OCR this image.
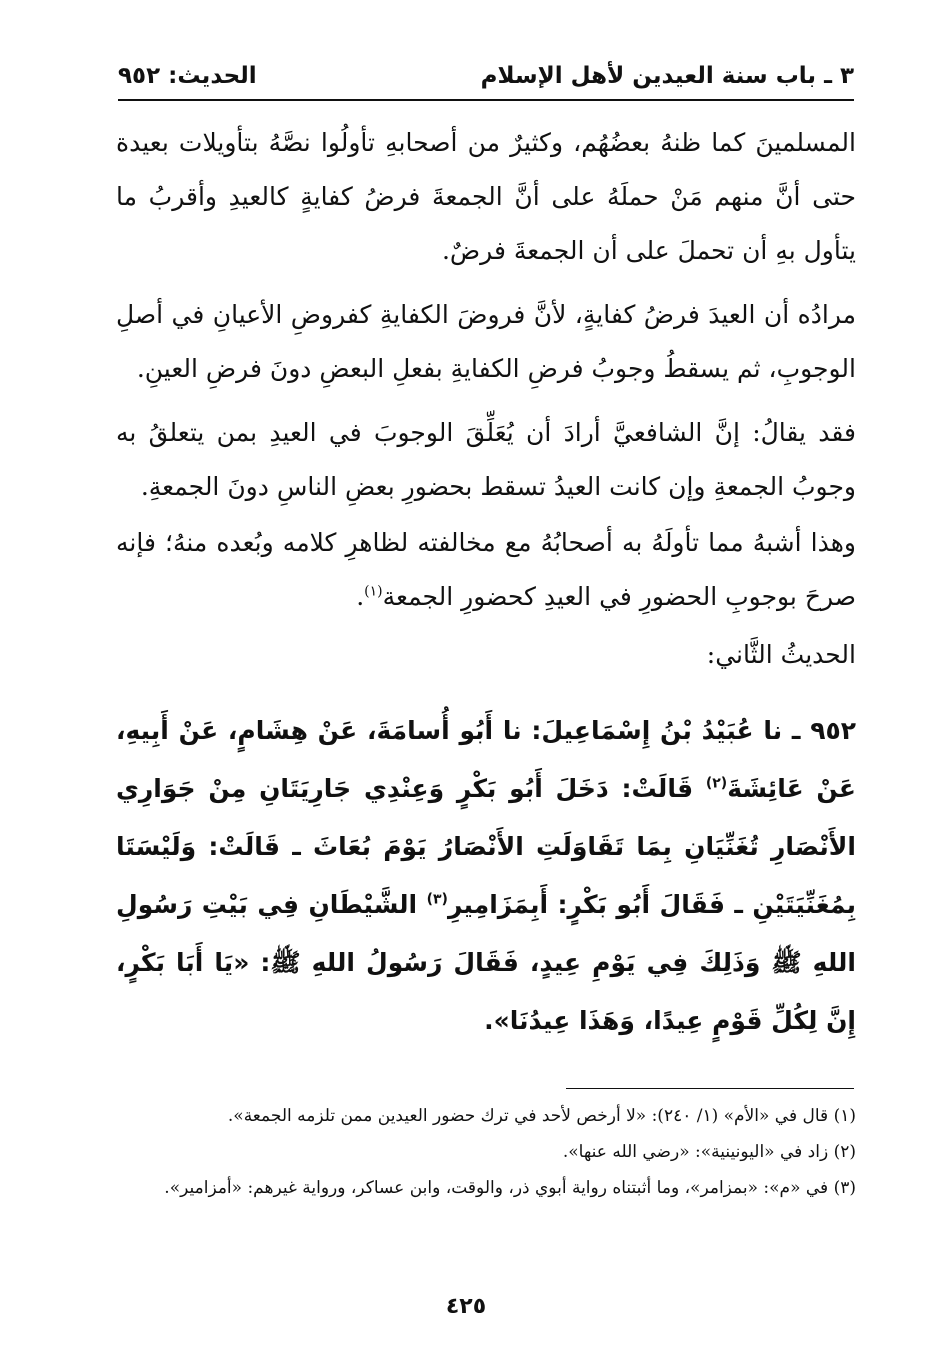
٣ ـ باب سنة العيدين لأهل الإسلام
الحديث: ٩٥٢

المسلمينَ كما ظنهُ بعضُهُم، وكثيرٌ من أصحابهِ تأولُوا نصَّهُ بتأويلات بعيدة حتى أنَّ منهم مَنْ حملَهُ على أنَّ الجمعةَ فرضُ كفايةٍ كالعيدِ وأقربُ ما يتأول بهِ أن تحملَ على أن الجمعةَ فرضٌ.

مرادُه أن العيدَ فرضُ كفايةٍ، لأنَّ فروضَ الكفايةِ كفروضِ الأعيانِ في أصلِ الوجوبِ، ثم يسقطُ وجوبُ فرضِ الكفايةِ بفعلِ البعضِ دونَ فرضِ العينِ.

فقد يقالُ: إنَّ الشافعيَّ أرادَ أن يُعَلِّقَ الوجوبَ في العيدِ بمن يتعلقُ به وجوبُ الجمعةِ وإن كانت العيدُ تسقط بحضورِ بعضِ الناسِ دونَ الجمعةِ.

وهذا أشبهُ مما تأولَهُ به أصحابُهُ مع مخالفته لظاهرِ كلامه وبُعده منهُ؛ فإنه صرحَ بوجوبِ الحضورِ في العيدِ كحضورِ الجمعة$^{(١)}$.

الحديثُ الثَّاني:

٩٥٢ ـ نا عُبَيْدُ بْنُ إِسْمَاعِيلَ: نا أَبُو أُسامَةَ، عَنْ هِشَامٍ، عَنْ أَبِيهِ، عَنْ عَائِشَةَ$^{(٢)}$ قَالَتْ: دَخَلَ أَبُو بَكْرٍ وَعِنْدِي جَارِيَتَانِ مِنْ جَوَارِي الأَنْصَارِ تُغَنِّيَانِ بِمَا تَقَاوَلَتِ الأَنْصَارُ يَوْمَ بُعَاثَ ـ قَالَتْ: وَلَيْسَتَا بِمُغَنِّيَتَيْنِ ـ فَقَالَ أَبُو بَكْرٍ: أَبِمَزَامِيرِ$^{(٣)}$ الشَّيْطَانِ فِي بَيْتِ رَسُولِ اللهِ ﷺ وَذَلِكَ فِي يَوْمِ عِيدٍ، فَقَالَ رَسُولُ اللهِ ﷺ: «يَا أَبَا بَكْرٍ، إِنَّ لِكُلِّ قَوْمٍ عِيدًا، وَهَذَا عِيدُنَا».

(١) قال في «الأم» (١/ ٢٤٠): «لا أرخص لأحد في ترك حضور العيدين ممن تلزمه الجمعة».

(٢) زاد في «اليونينية»: «رضي الله عنها».

(٣) في «م»: «بمزامر»، وما أثبتناه رواية أبوي ذر، والوقت، وابن عساكر، ورواية غيرهم: «أمزامير».

٤٢٥
